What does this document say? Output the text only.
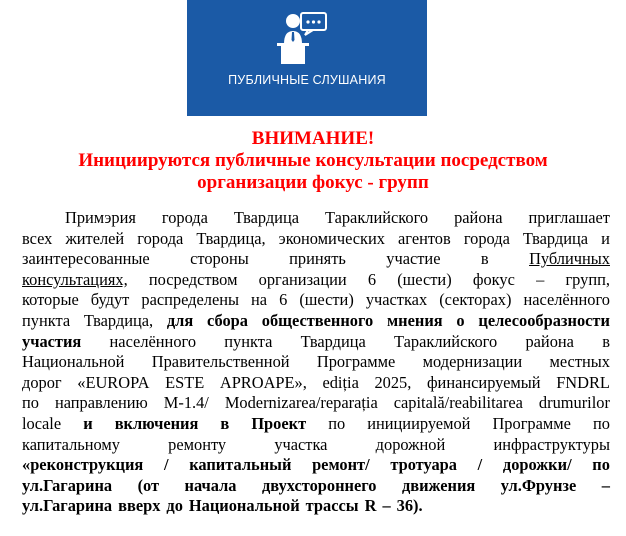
ПУБЛИЧНЫЕ СЛУШАНИЯ
ВНИМАНИЕ!
Инициируются публичные консультации посредством
организации фокус - групп
Примэрия города Твардица Тараклийского района приглашает
всех жителей города Твардица, экономических агентов города Твардица и
заинтересованные стороны принять участие в Публичных
консультациях, посредством организации 6 (шести) фокус – групп,
которые будут распределены на 6 (шести) участках (секторах) населённого
пункта Твардица, для сбора общественного мнения о целесообразности
участия населённого пункта Твардица Тараклийского района в
Национальной Правительственной Программе модернизации местных
дорог «EUROPA ESTE APROAPE», ediția 2025, финансируемый FNDRL
по направлению М-1.4/ Modernizarea/reparația capitală/reabilitarea drumurilor
locale и включения в Проект по инициируемой Программе по
капитальному	ремонту	участка	дорожной	инфраструктуры
«реконструкция / капитальный ремонт/ тротуара / дорожки/ по
ул.Гагарина (от начала двухстороннего движения ул.Фрунзе –
ул.Гагарина вверх до Национальной трассы R – 36).
